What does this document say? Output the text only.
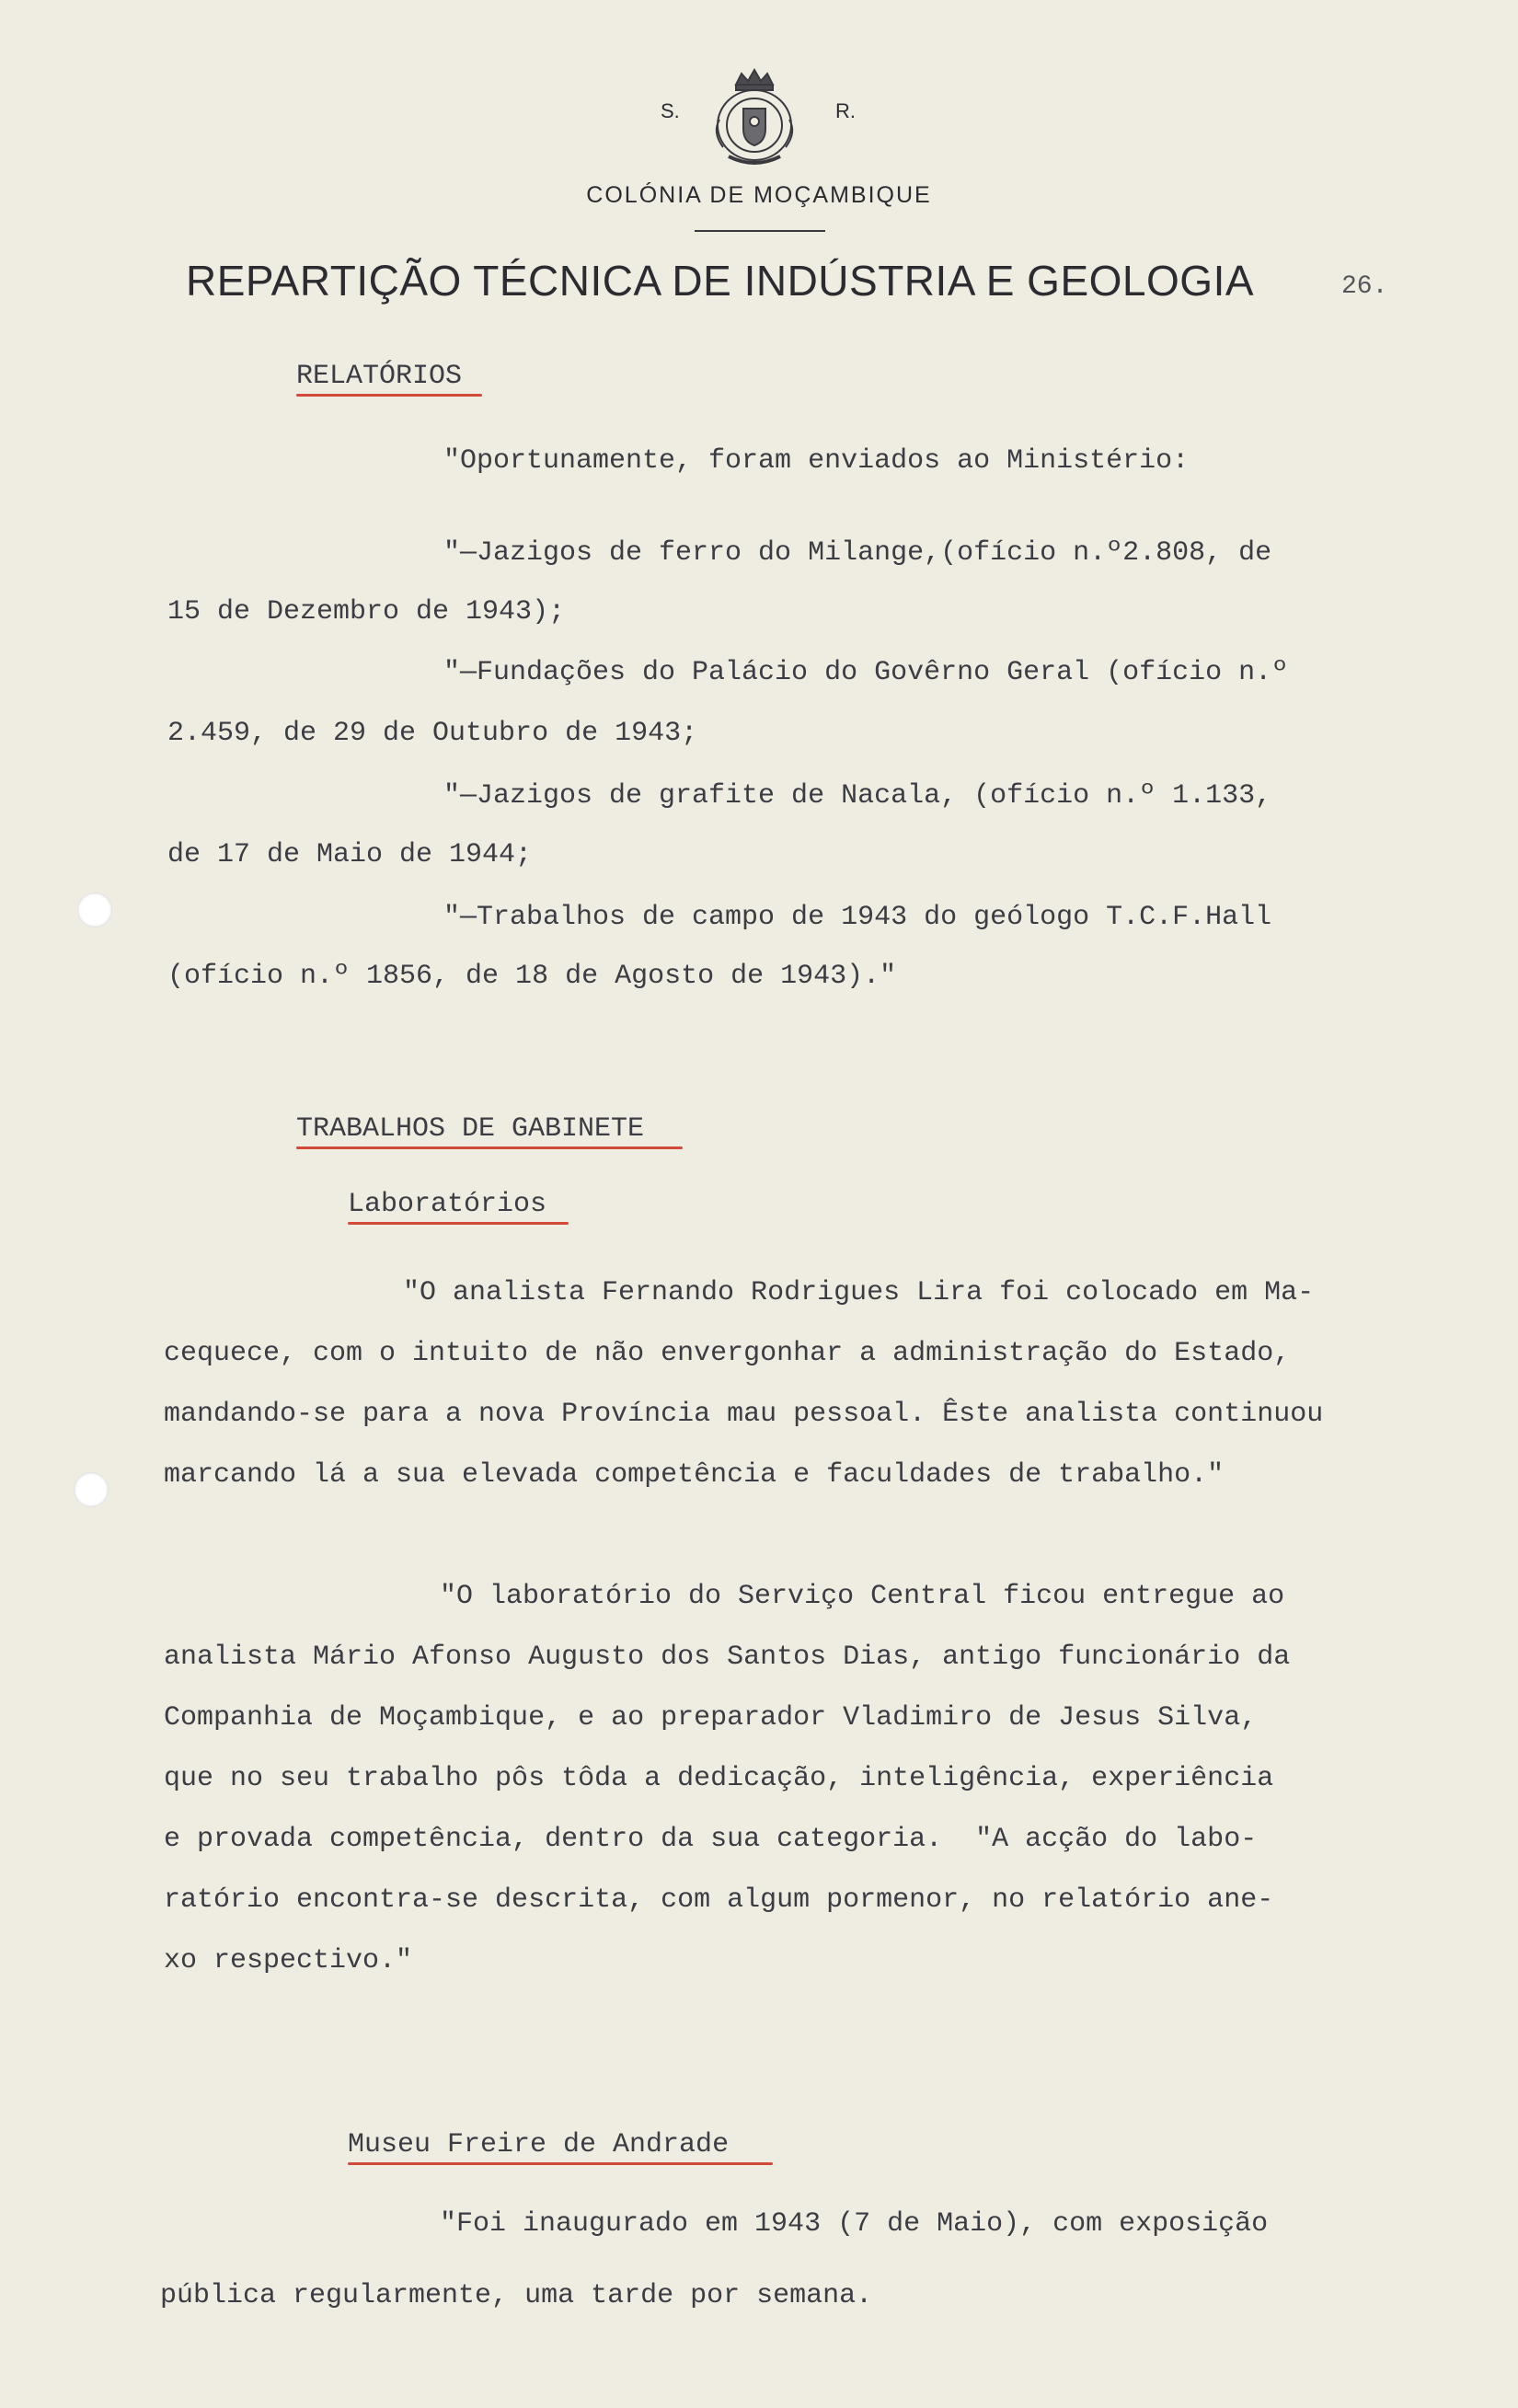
S.	R.
COLÓNIA DE MOÇAMBIQUE
REPARTIÇÃO TÉCNICA DE INDÚSTRIA E GEOLOGIA	26.
RELATÓRIOS
"Oportunamente, foram enviados ao Ministério:
"—Jazigos de ferro do Milange,(ofício n.º2.808, de
15 de Dezembro de 1943);
"—Fundações do Palácio do Govêrno Geral (ofício n.º
2.459, de 29 de Outubro de 1943;
"—Jazigos de grafite de Nacala, (ofício n.º 1.133,
de 17 de Maio de 1944;
"—Trabalhos de campo de 1943 do geólogo T.C.F.Hall
(ofício n.º 1856, de 18 de Agosto de 1943)."
TRABALHOS DE GABINETE
Laboratórios
"O analista Fernando Rodrigues Lira foi colocado em Ma-
cequece, com o intuito de não envergonhar a administração do Estado,
mandando-se para a nova Província mau pessoal. Êste analista continuou
marcando lá a sua elevada competência e faculdades de trabalho."
"O laboratório do Serviço Central ficou entregue ao
analista Mário Afonso Augusto dos Santos Dias, antigo funcionário da
Companhia de Moçambique, e ao preparador Vladimiro de Jesus Silva,
que no seu trabalho pôs tôda a dedicação, inteligência, experiência
e provada competência, dentro da sua categoria.  "A acção do labo-
ratório encontra-se descrita, com algum pormenor, no relatório ane-
xo respectivo."
Museu Freire de Andrade
"Foi inaugurado em 1943 (7 de Maio), com exposição
pública regularmente, uma tarde por semana.
